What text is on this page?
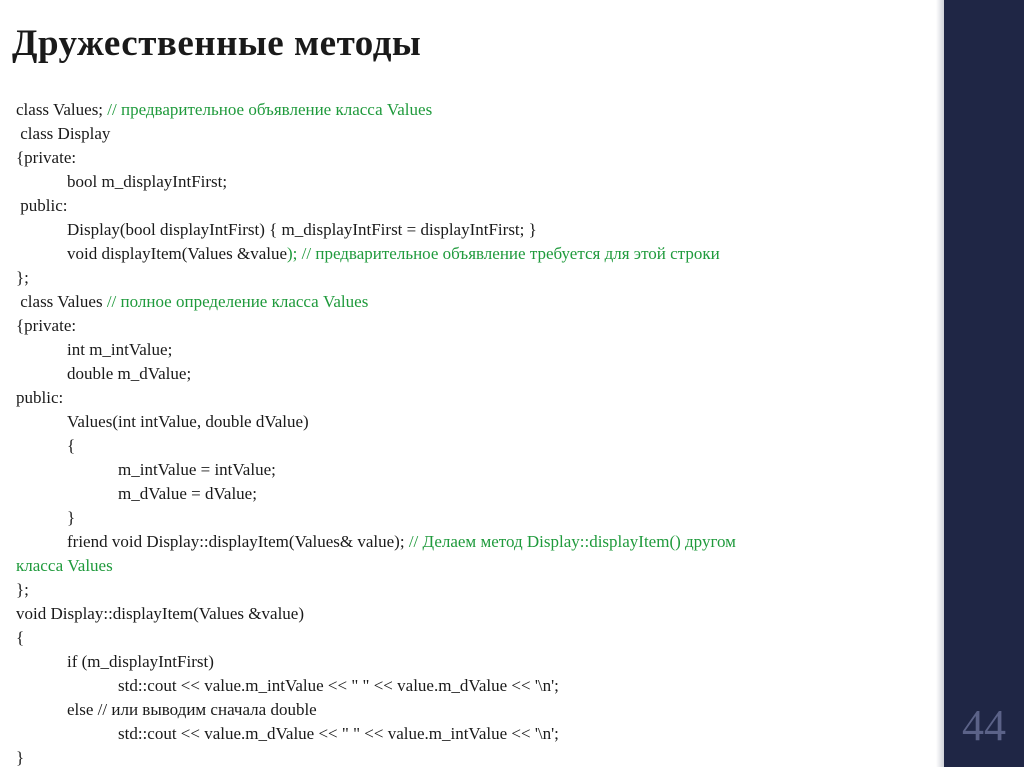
44
Дружественные методы
class Values; // предварительное объявление класса Values
class Display
{private:
bool m_displayIntFirst;
public:
Display(bool displayIntFirst) { m_displayIntFirst = displayIntFirst; }
void displayItem(Values &value); // предварительное объявление требуется для этой строки
};
class Values // полное определение класса Values
{private:
int m_intValue;
double m_dValue;
public:
Values(int intValue, double dValue)
{
m_intValue = intValue;
m_dValue = dValue;
}
friend void Display::displayItem(Values& value); // Делаем метод Display::displayItem() другом
класса Values
};
void Display::displayItem(Values &value)
{
if (m_displayIntFirst)
std::cout << value.m_intValue << " " << value.m_dValue << '\n';
else // или выводим сначала double
std::cout << value.m_dValue << " " << value.m_intValue << '\n';
}
